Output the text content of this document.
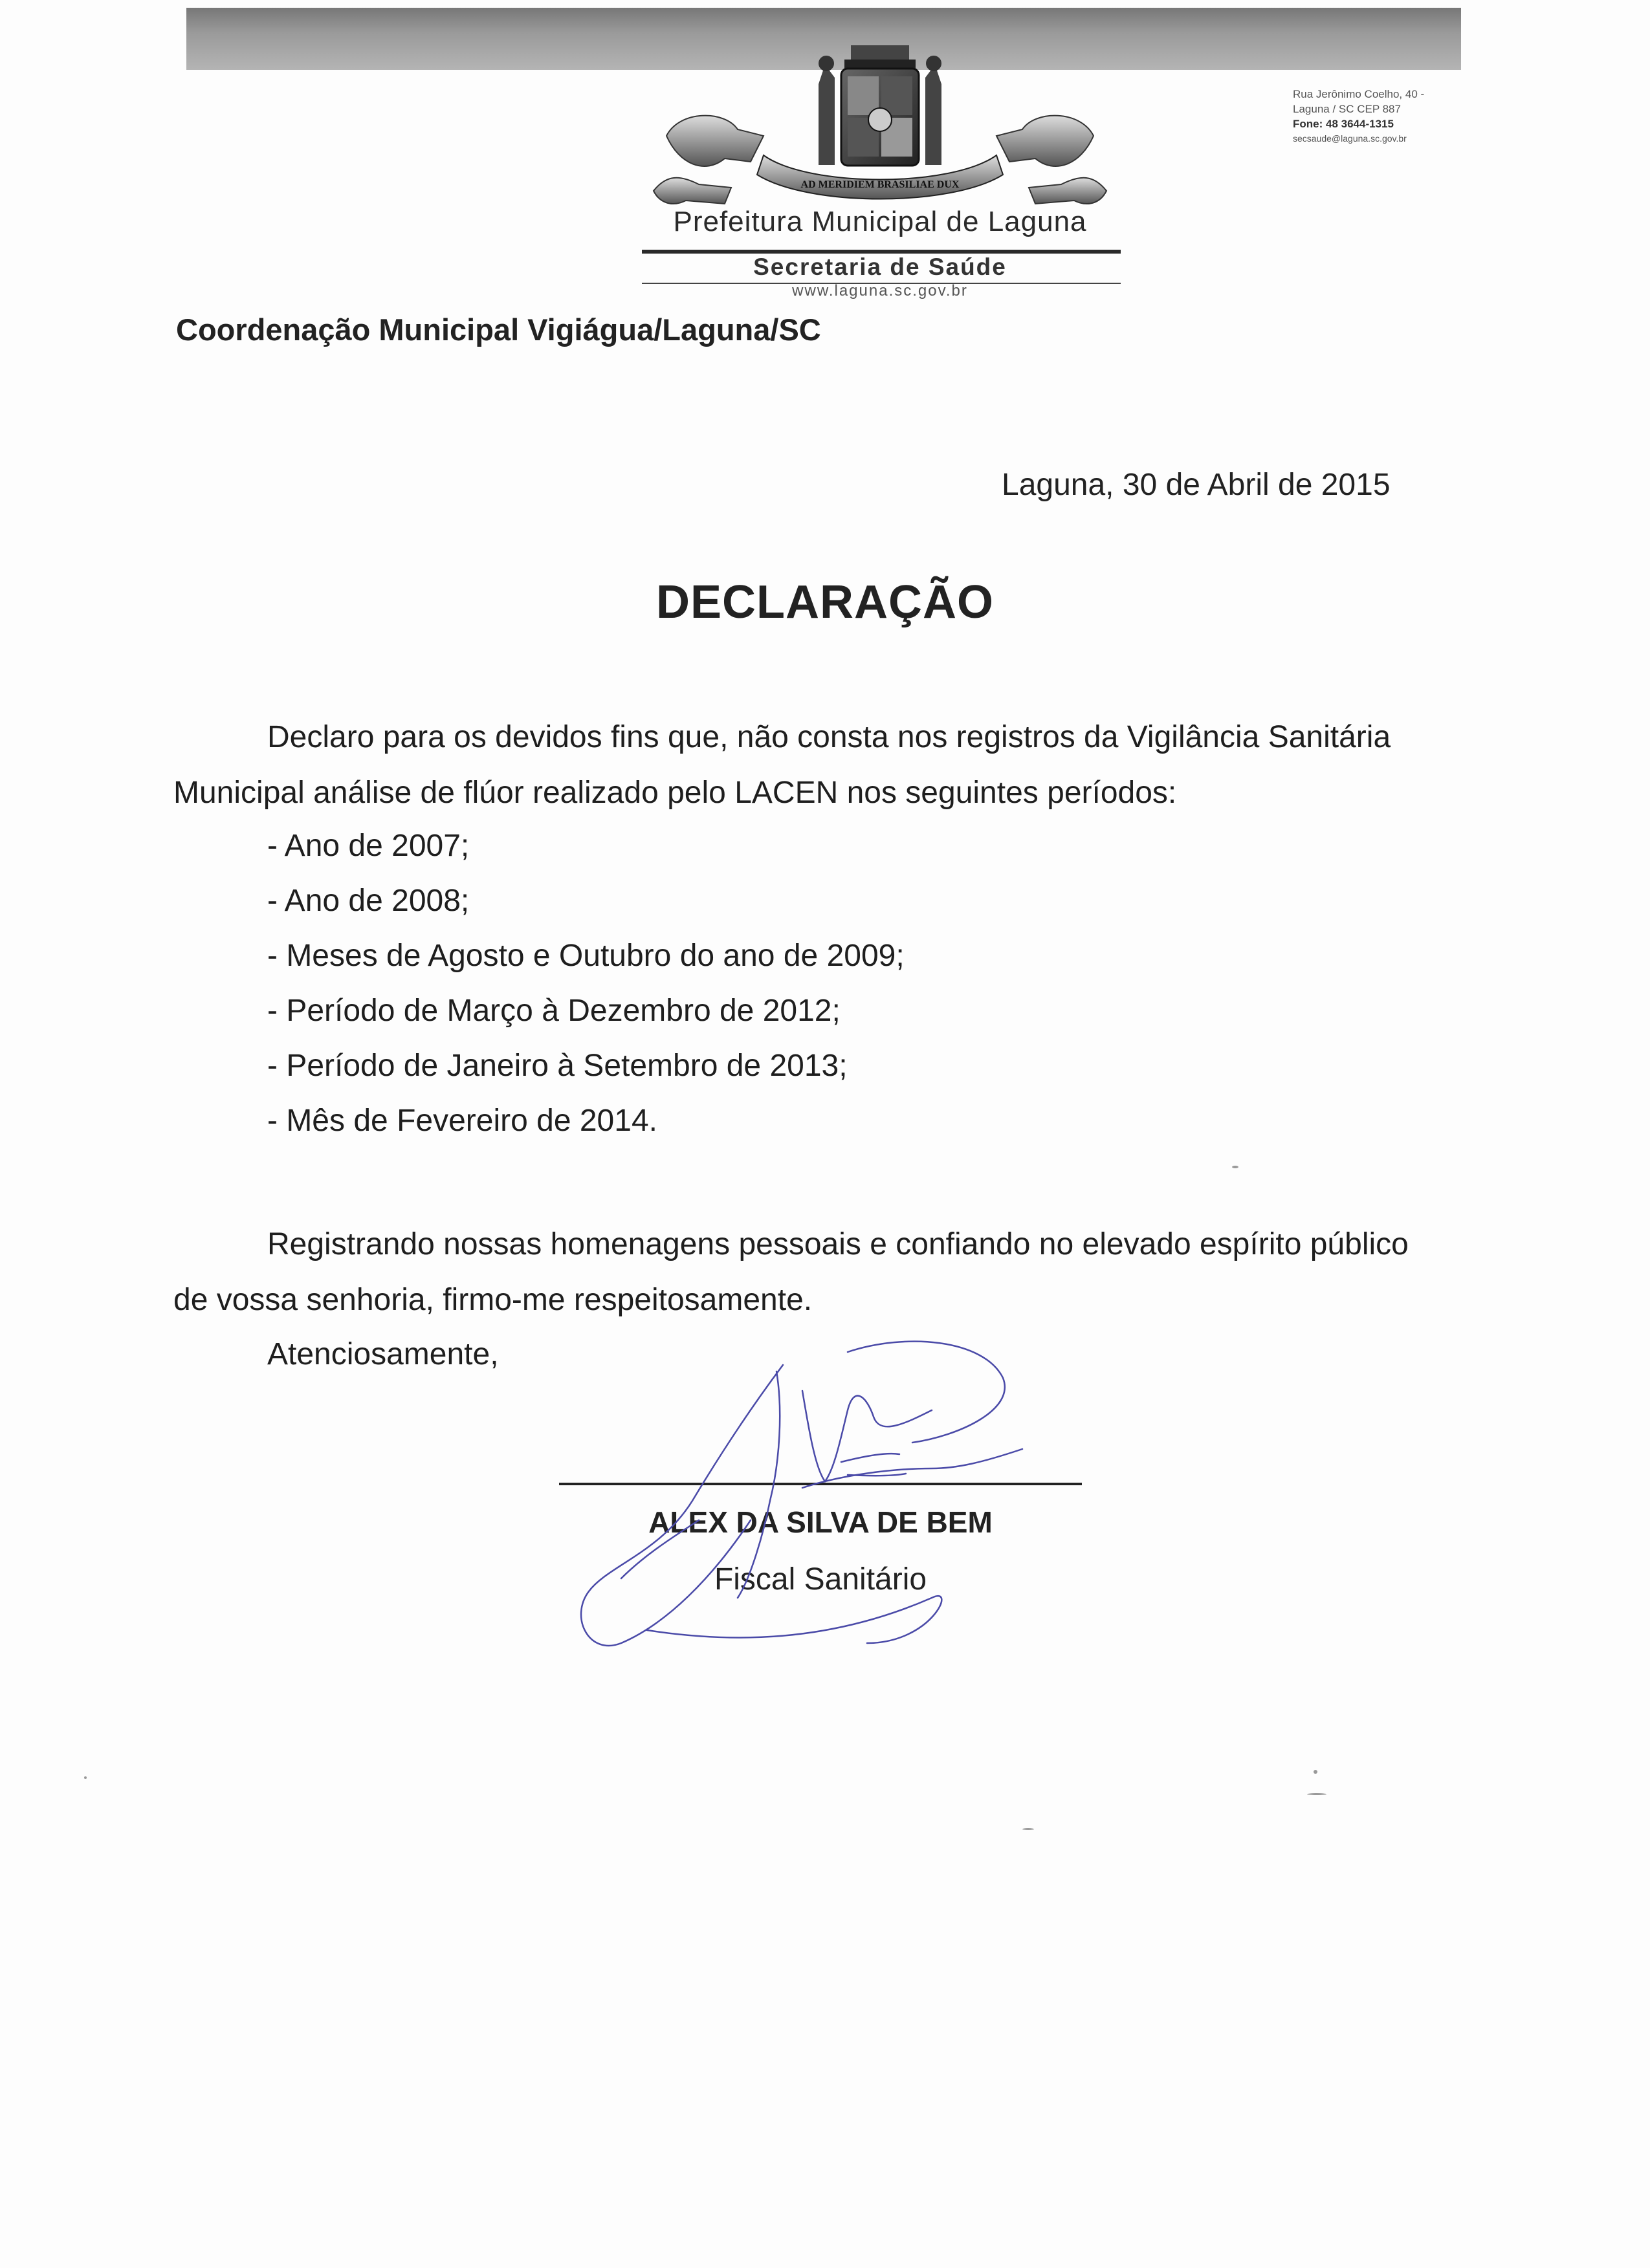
AD MERIDIEM BRASILIAE DUX
Prefeitura Municipal de Laguna
Secretaria de Saúde
www.laguna.sc.gov.br
Rua Jerônimo Coelho, 40 -
Laguna / SC CEP 887
Fone: 48 3644-1315
secsaude@laguna.sc.gov.br
Coordenação Municipal Vigiágua/Laguna/SC
Laguna, 30 de Abril de 2015
DECLARAÇÃO
Declaro para os devidos fins que, não consta nos registros da Vigilância Sanitária
Municipal análise de flúor realizado pelo LACEN nos seguintes períodos:
- Ano de 2007;
- Ano de 2008;
- Meses de Agosto e Outubro do ano de 2009;
- Período de Março à Dezembro de 2012;
- Período de Janeiro à Setembro de 2013;
- Mês de Fevereiro de 2014.
Registrando nossas homenagens pessoais e confiando no elevado espírito público
de vossa senhoria, firmo-me respeitosamente.
Atenciosamente,
ALEX DA SILVA DE BEM
Fiscal Sanitário
